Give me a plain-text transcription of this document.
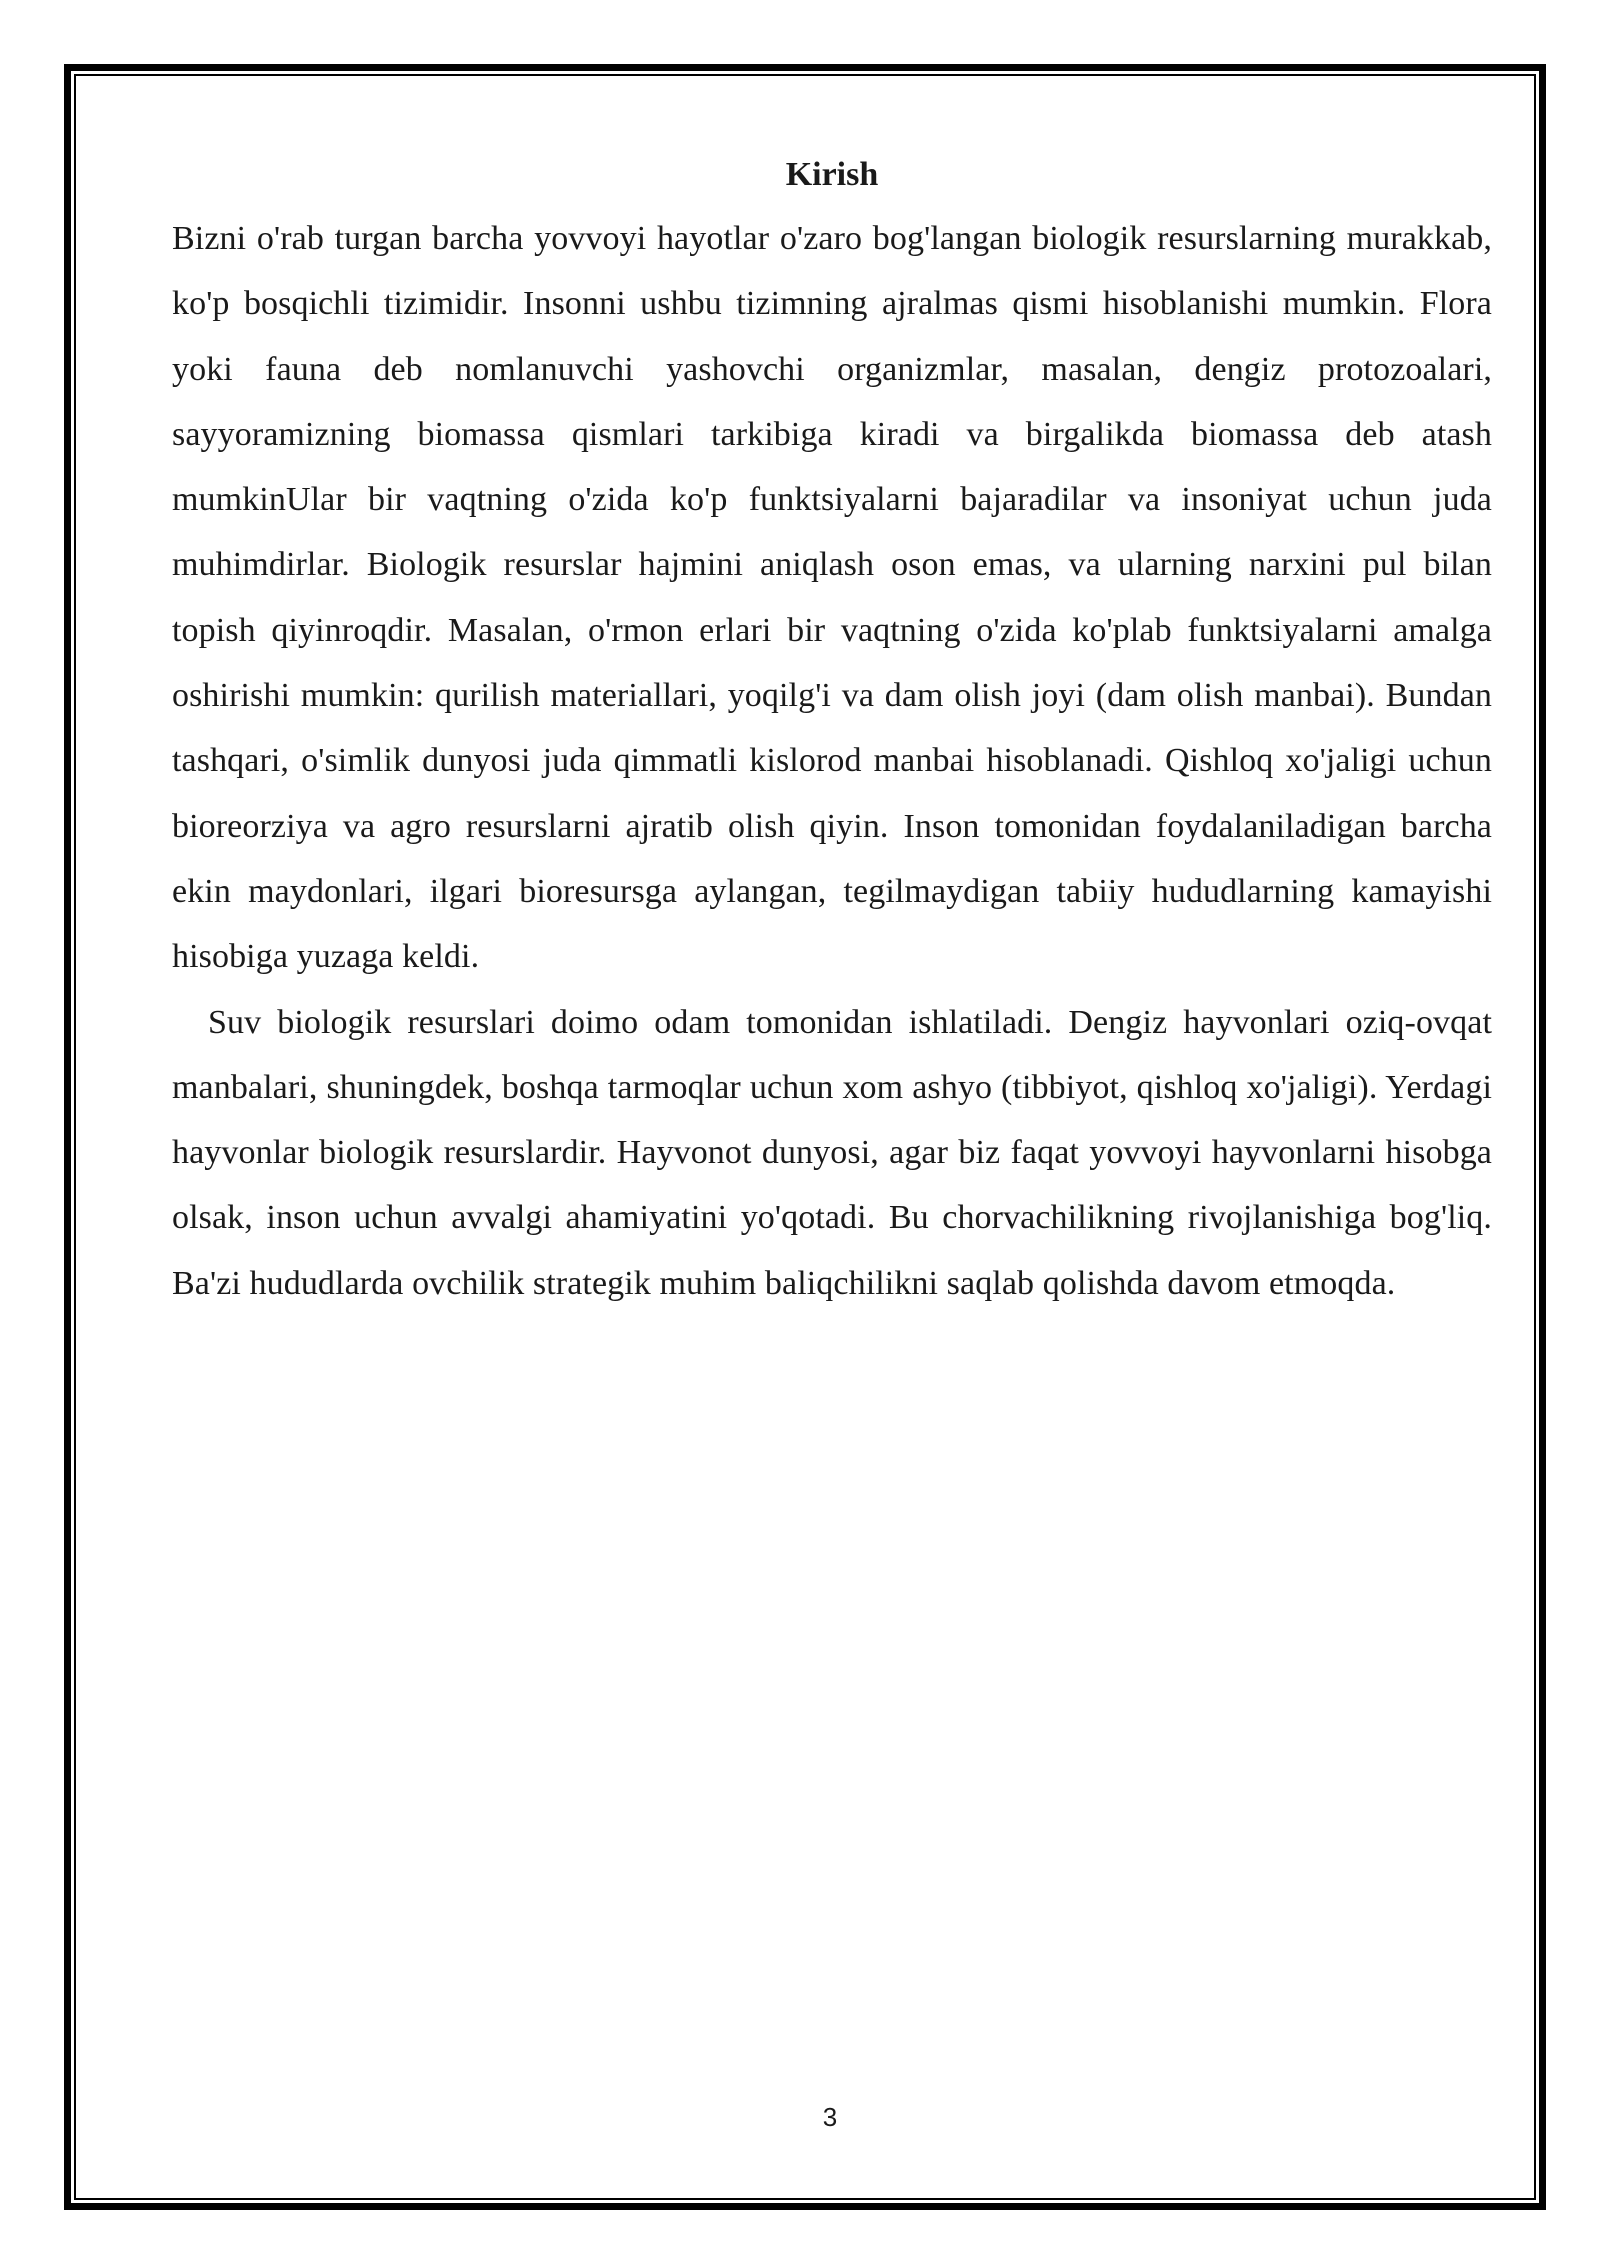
Kirish

Bizni o'rab turgan barcha yovvoyi hayotlar o'zaro bog'langan biologik resurslarning murakkab, ko'p bosqichli tizimidir. Insonni ushbu tizimning ajralmas qismi hisoblanishi mumkin. Flora yoki fauna deb nomlanuvchi yashovchi organizmlar, masalan, dengiz protozoalari, sayyoramizning biomassa qismlari tarkibiga kiradi va birgalikda biomassa deb atash mumkinUlar bir vaqtning o'zida ko'p funktsiyalarni bajaradilar va insoniyat uchun juda muhimdirlar. Biologik resurslar hajmini aniqlash oson emas, va ularning narxini pul bilan topish qiyinroqdir. Masalan, o'rmon erlari bir vaqtning o'zida ko'plab funktsiyalarni amalga oshirishi mumkin: qurilish materiallari, yoqilg'i va dam olish joyi (dam olish manbai). Bundan tashqari, o'simlik dunyosi juda qimmatli kislorod manbai hisoblanadi. Qishloq xo'jaligi uchun bioreorziya va agro resurslarni ajratib olish qiyin. Inson tomonidan foydalaniladigan barcha ekin maydonlari, ilgari bioresursga aylangan, tegilmaydigan tabiiy hududlarning kamayishi hisobiga yuzaga keldi.

Suv biologik resurslari doimo odam tomonidan ishlatiladi. Dengiz hayvonlari oziq-ovqat manbalari, shuningdek, boshqa tarmoqlar uchun xom ashyo (tibbiyot, qishloq xo'jaligi). Yerdagi hayvonlar biologik resurslardir. Hayvonot dunyosi, agar biz faqat yovvoyi hayvonlarni hisobga olsak, inson uchun avvalgi ahamiyatini yo'qotadi. Bu chorvachilikning rivojlanishiga bog'liq. Ba'zi hududlarda ovchilik strategik muhim baliqchilikni saqlab qolishda davom etmoqda.

3
